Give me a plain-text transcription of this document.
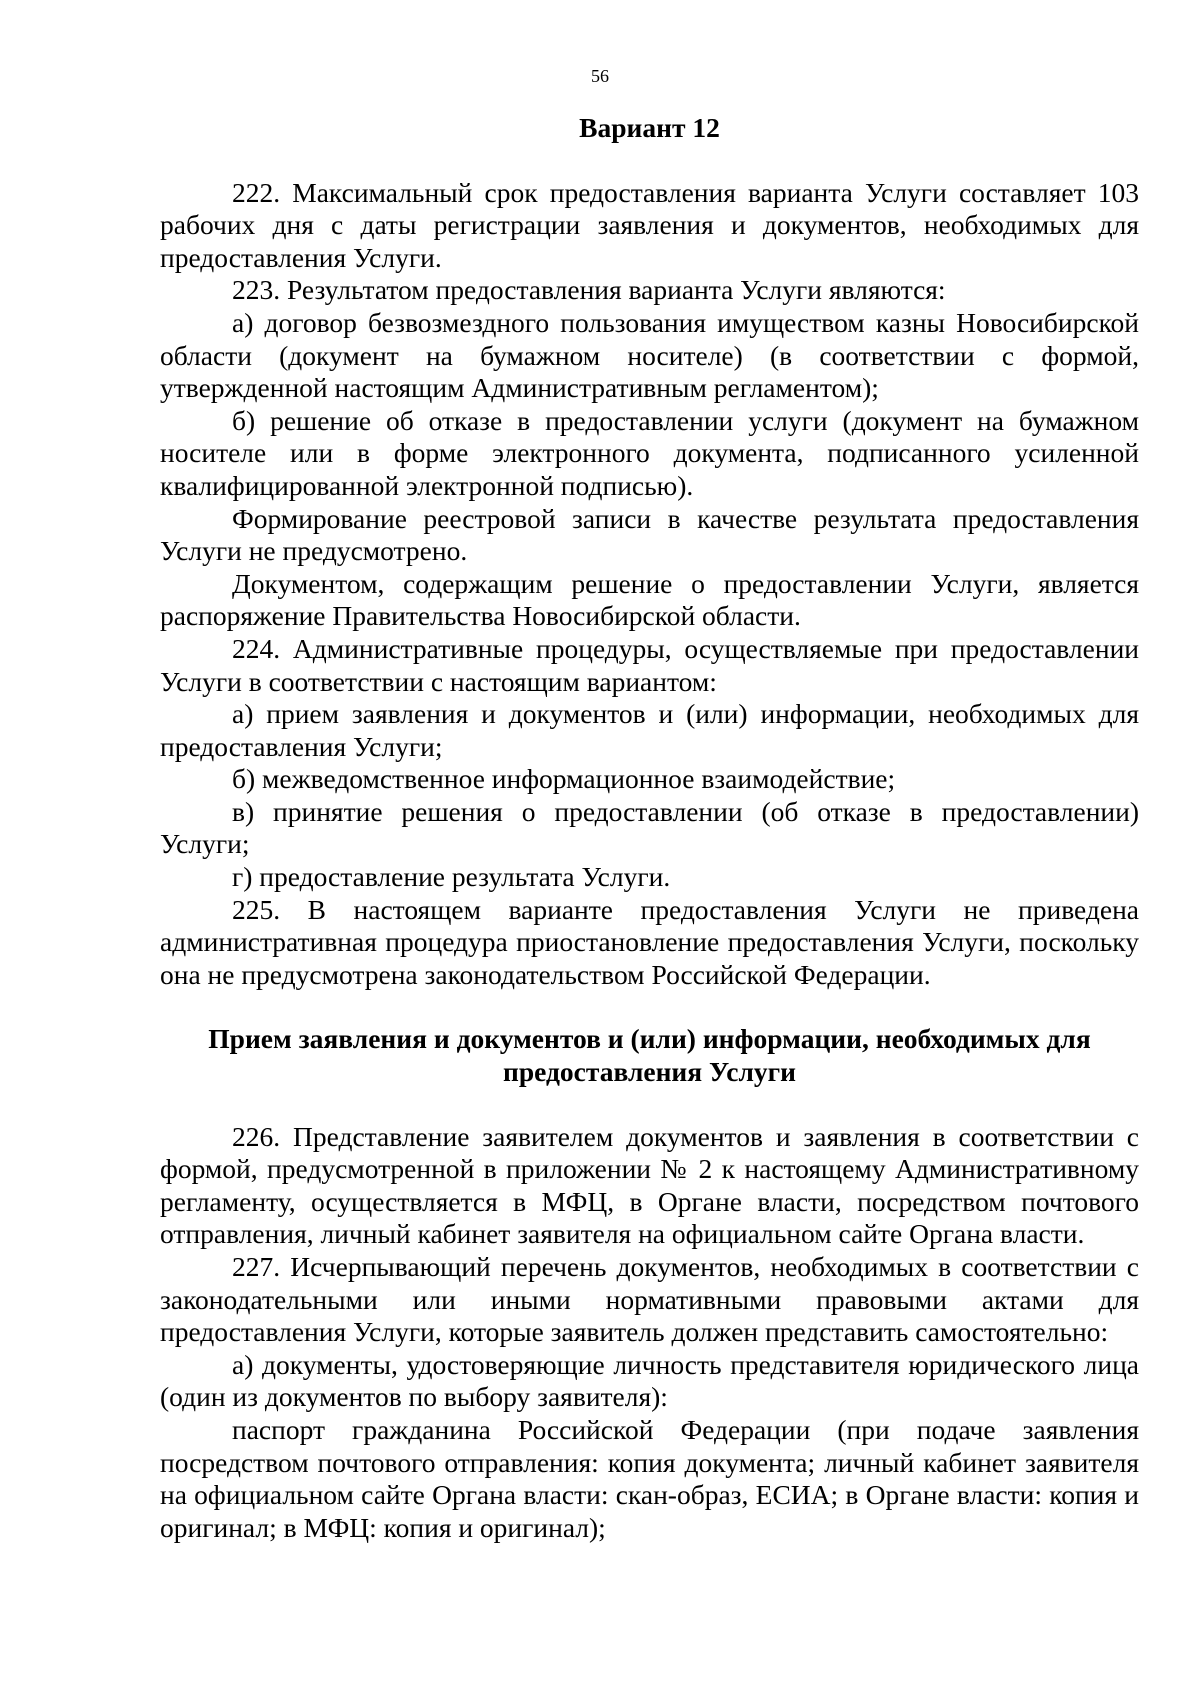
56

Вариант 12

222. Максимальный срок предоставления варианта Услуги составляет 103 рабочих дня с даты регистрации заявления и документов, необходимых для предоставления Услуги.

223. Результатом предоставления варианта Услуги являются:

а) договор безвозмездного пользования имуществом казны Новосибирской области (документ на бумажном носителе) (в соответствии с формой, утвержденной настоящим Административным регламентом);

б) решение об отказе в предоставлении услуги (документ на бумажном носителе или в форме электронного документа, подписанного усиленной квалифицированной электронной подписью).

Формирование реестровой записи в качестве результата предоставления Услуги не предусмотрено.

Документом, содержащим решение о предоставлении Услуги, является распоряжение Правительства Новосибирской области.

224. Административные процедуры, осуществляемые при предоставлении Услуги в соответствии с настоящим вариантом:

а) прием заявления и документов и (или) информации, необходимых для предоставления Услуги;

б) межведомственное информационное взаимодействие;

в) принятие решения о предоставлении (об отказе в предоставлении) Услуги;

г) предоставление результата Услуги.

225. В настоящем варианте предоставления Услуги не приведена административная процедура приостановление предоставления Услуги, поскольку она не предусмотрена законодательством Российской Федерации.

Прием заявления и документов и (или) информации, необходимых для предоставления Услуги

226. Представление заявителем документов и заявления в соответствии с формой, предусмотренной в приложении № 2 к настоящему Административному регламенту, осуществляется в МФЦ, в Органе власти, посредством почтового отправления, личный кабинет заявителя на официальном сайте Органа власти.

227. Исчерпывающий перечень документов, необходимых в соответствии с законодательными или иными нормативными правовыми актами для предоставления Услуги, которые заявитель должен представить самостоятельно:

а) документы, удостоверяющие личность представителя юридического лица (один из документов по выбору заявителя):

паспорт гражданина Российской Федерации (при подаче заявления посредством почтового отправления: копия документа; личный кабинет заявителя на официальном сайте Органа власти: скан-образ, ЕСИА; в Органе власти: копия и оригинал; в МФЦ: копия и оригинал);
